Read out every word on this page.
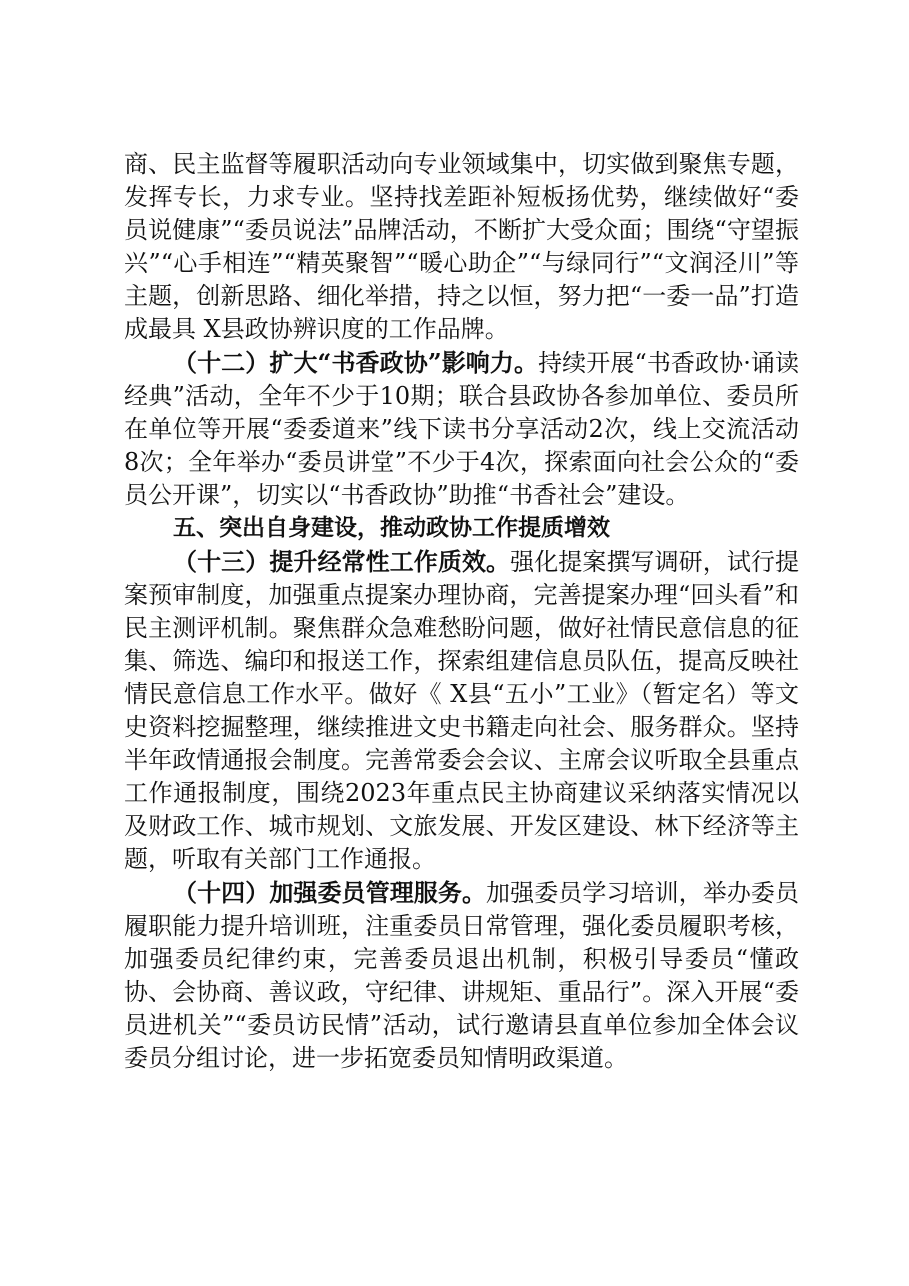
商、民主监督等履职活动向专业领域集中，切实做到聚焦专题，发挥专长，力求专业。坚持找差距补短板扬优势，继续做好“委员说健康”“委员说法”品牌活动，不断扩大受众面；围绕“守望振兴”“心手相连”“精英聚智”“暖心助企”“与绿同行”“文润泾川”等主题，创新思路、细化举措，持之以恒，努力把“一委一品”打造成最具 X县政协辨识度的工作品牌。

（十二）扩大“书香政协”影响力。持续开展“书香政协·诵读经典”活动，全年不少于10期；联合县政协各参加单位、委员所在单位等开展“委委道来”线下读书分享活动2次，线上交流活动8次；全年举办“委员讲堂”不少于4次，探索面向社会公众的“委员公开课”，切实以“书香政协”助推“书香社会”建设。

五、突出自身建设，推动政协工作提质增效

（十三）提升经常性工作质效。强化提案撰写调研，试行提案预审制度，加强重点提案办理协商，完善提案办理“回头看”和民主测评机制。聚焦群众急难愁盼问题，做好社情民意信息的征集、筛选、编印和报送工作，探索组建信息员队伍，提高反映社情民意信息工作水平。做好《 X县“五小”工业》（暂定名）等文史资料挖掘整理，继续推进文史书籍走向社会、服务群众。坚持半年政情通报会制度。完善常委会会议、主席会议听取全县重点工作通报制度，围绕2023年重点民主协商建议采纳落实情况以及财政工作、城市规划、文旅发展、开发区建设、林下经济等主题，听取有关部门工作通报。

（十四）加强委员管理服务。加强委员学习培训，举办委员履职能力提升培训班，注重委员日常管理，强化委员履职考核，加强委员纪律约束，完善委员退出机制，积极引导委员“懂政协、会协商、善议政，守纪律、讲规矩、重品行”。深入开展“委员进机关”“委员访民情”活动，试行邀请县直单位参加全体会议委员分组讨论，进一步拓宽委员知情明政渠道。
